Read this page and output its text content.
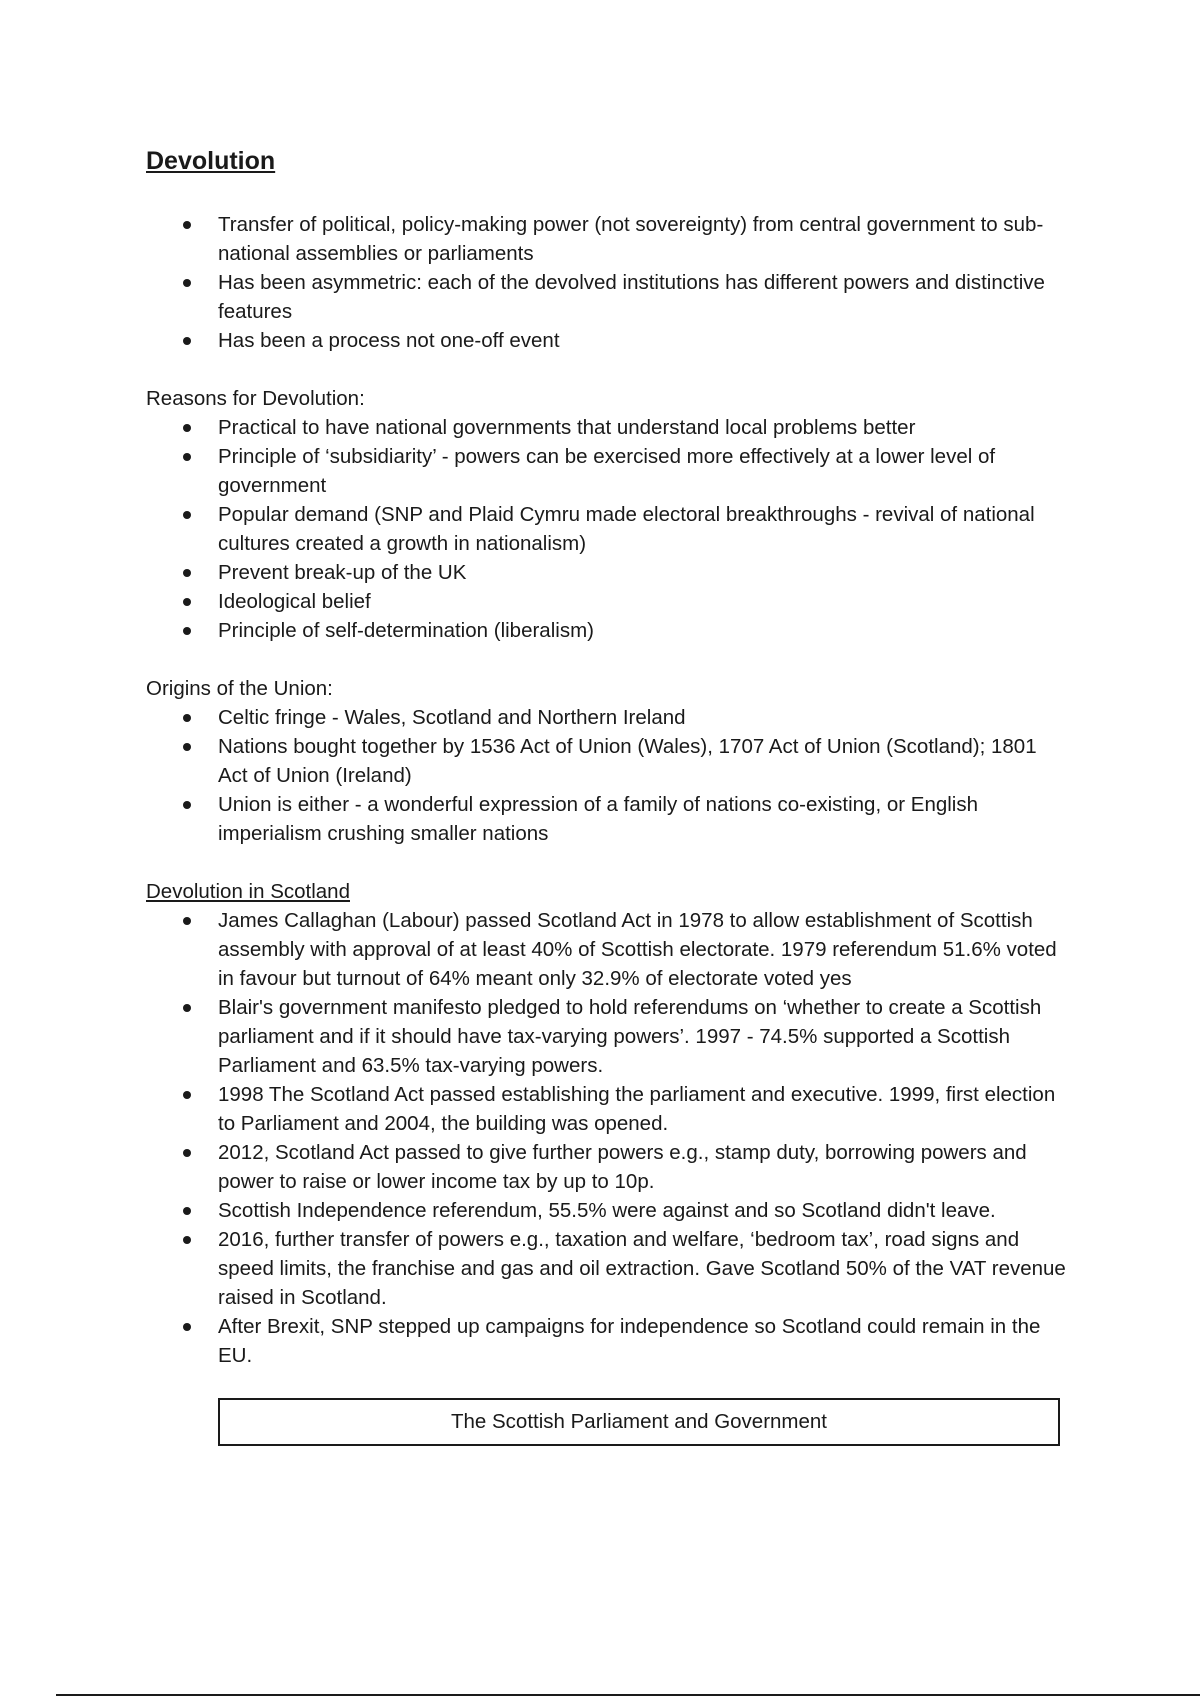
Devolution
Transfer of political, policy-making power (not sovereignty) from central government to sub-national assemblies or parliaments
Has been asymmetric: each of the devolved institutions has different powers and distinctive features
Has been a process not one-off event

Reasons for Devolution:

Practical to have national governments that understand local problems better
Principle of ‘subsidiarity’ - powers can be exercised more effectively at a lower level of government
Popular demand (SNP and Plaid Cymru made electoral breakthroughs - revival of national cultures created a growth in nationalism)
Prevent break-up of the UK
Ideological belief
Principle of self-determination (liberalism)

Origins of the Union:

Celtic fringe - Wales, Scotland and Northern Ireland
Nations bought together by 1536 Act of Union (Wales), 1707 Act of Union (Scotland); 1801 Act of Union (Ireland)
Union is either - a wonderful expression of a family of nations co-existing, or English imperialism crushing smaller nations

Devolution in Scotland

James Callaghan (Labour) passed Scotland Act in 1978 to allow establishment of Scottish assembly with approval of at least 40% of Scottish electorate. 1979 referendum 51.6% voted in favour but turnout of 64% meant only 32.9% of electorate voted yes
Blair's government manifesto pledged to hold referendums on ‘whether to create a Scottish parliament and if it should have tax-varying powers’. 1997 - 74.5% supported a Scottish Parliament and 63.5% tax-varying powers.
1998 The Scotland Act passed establishing the parliament and executive. 1999, first election to Parliament and 2004, the building was opened.
2012, Scotland Act passed to give further powers e.g., stamp duty, borrowing powers and power to raise or lower income tax by up to 10p.
Scottish Independence referendum, 55.5% were against and so Scotland didn't leave.
2016, further transfer of powers e.g., taxation and welfare, ‘bedroom tax’, road signs and speed limits, the franchise and gas and oil extraction. Gave Scotland 50% of the VAT revenue raised in Scotland.
After Brexit, SNP stepped up campaigns for independence so Scotland could remain in the EU.
The Scottish Parliament and Government
